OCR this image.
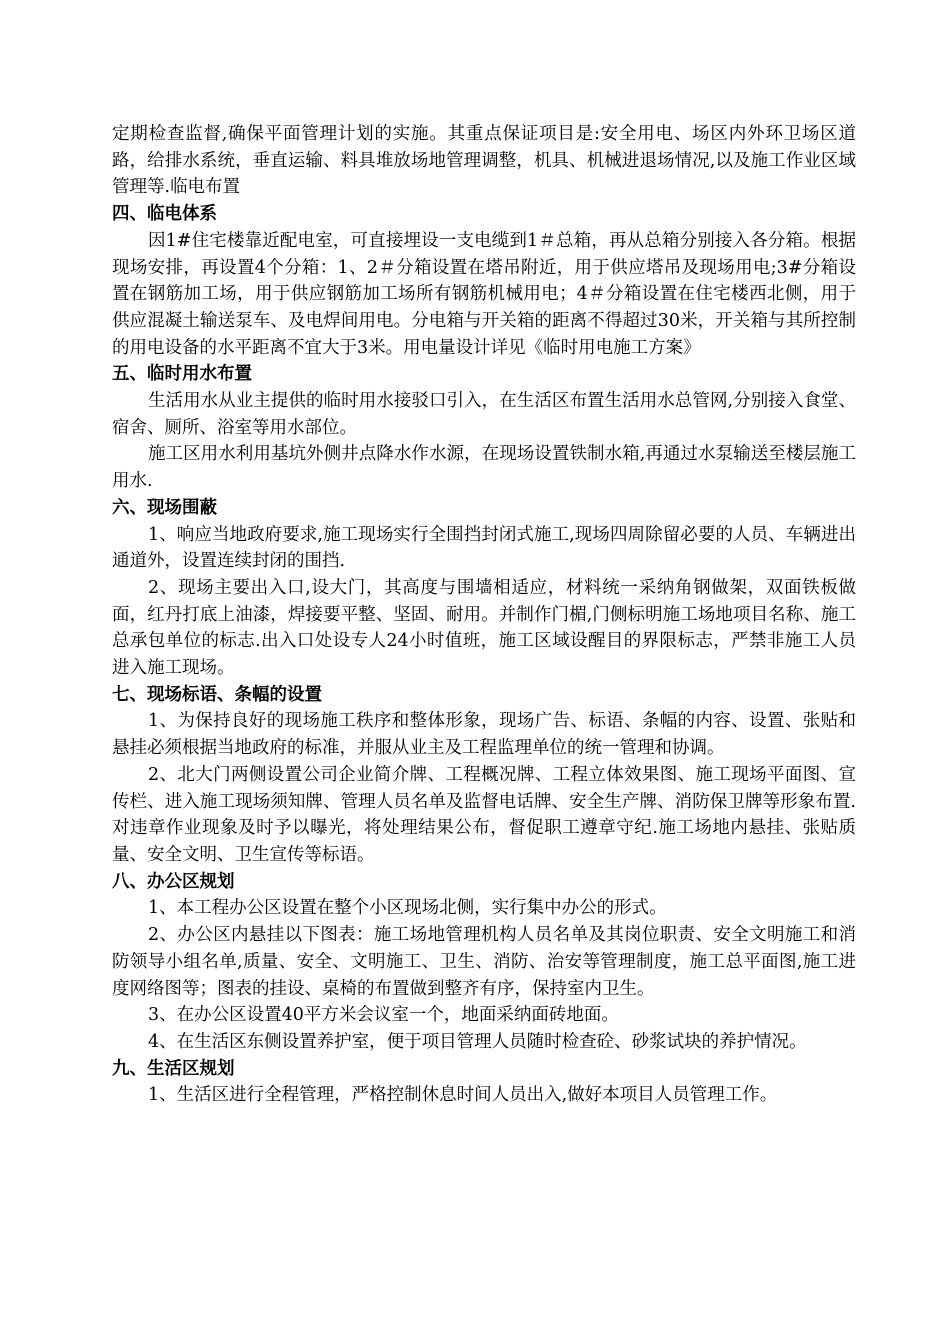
定期检查监督,确保平面管理计划的实施。其重点保证项目是:安全用电、场区内外环卫场区道路，给排水系统，垂直运输、料具堆放场地管理调整，机具、机械进退场情况,以及施工作业区域管理等.临电布置

四、临电体系

因1#住宅楼靠近配电室，可直接埋设一支电缆到1＃总箱，再从总箱分别接入各分箱。根据现场安排，再设置4个分箱：1、2＃分箱设置在塔吊附近，用于供应塔吊及现场用电;3#分箱设置在钢筋加工场，用于供应钢筋加工场所有钢筋机械用电；4＃分箱设置在住宅楼西北侧，用于供应混凝土输送泵车、及电焊间用电。分电箱与开关箱的距离不得超过30米，开关箱与其所控制的用电设备的水平距离不宜大于3米。用电量设计详见《临时用电施工方案》

五、临时用水布置

生活用水从业主提供的临时用水接驳口引入，在生活区布置生活用水总管网,分别接入食堂、宿舍、厕所、浴室等用水部位。

施工区用水利用基坑外侧井点降水作水源，在现场设置铁制水箱,再通过水泵输送至楼层施工用水.

六、现场围蔽

1、响应当地政府要求,施工现场实行全围挡封闭式施工,现场四周除留必要的人员、车辆进出通道外，设置连续封闭的围挡.

2、现场主要出入口,设大门，其高度与围墙相适应，材料统一采纳角钢做架，双面铁板做面，红丹打底上油漆，焊接要平整、坚固、耐用。并制作门楣,门侧标明施工场地项目名称、施工总承包单位的标志.出入口处设专人24小时值班，施工区域设醒目的界限标志，严禁非施工人员进入施工现场。

七、现场标语、条幅的设置

1、为保持良好的现场施工秩序和整体形象，现场广告、标语、条幅的内容、设置、张贴和悬挂必须根据当地政府的标准，并服从业主及工程监理单位的统一管理和协调。

2、北大门两侧设置公司企业简介牌、工程概况牌、工程立体效果图、施工现场平面图、宣传栏、进入施工现场须知牌、管理人员名单及监督电话牌、安全生产牌、消防保卫牌等形象布置.对违章作业现象及时予以曝光，将处理结果公布，督促职工遵章守纪.施工场地内悬挂、张贴质量、安全文明、卫生宣传等标语。

八、办公区规划

1、本工程办公区设置在整个小区现场北侧，实行集中办公的形式。

2、办公区内悬挂以下图表：施工场地管理机构人员名单及其岗位职责、安全文明施工和消防领导小组名单,质量、安全、文明施工、卫生、消防、治安等管理制度，施工总平面图,施工进度网络图等；图表的挂设、桌椅的布置做到整齐有序，保持室内卫生。

3、在办公区设置40平方米会议室一个，地面采纳面砖地面。

4、在生活区东侧设置养护室，便于项目管理人员随时检查砼、砂浆试块的养护情况。

九、生活区规划

1、生活区进行全程管理，严格控制休息时间人员出入,做好本项目人员管理工作。
